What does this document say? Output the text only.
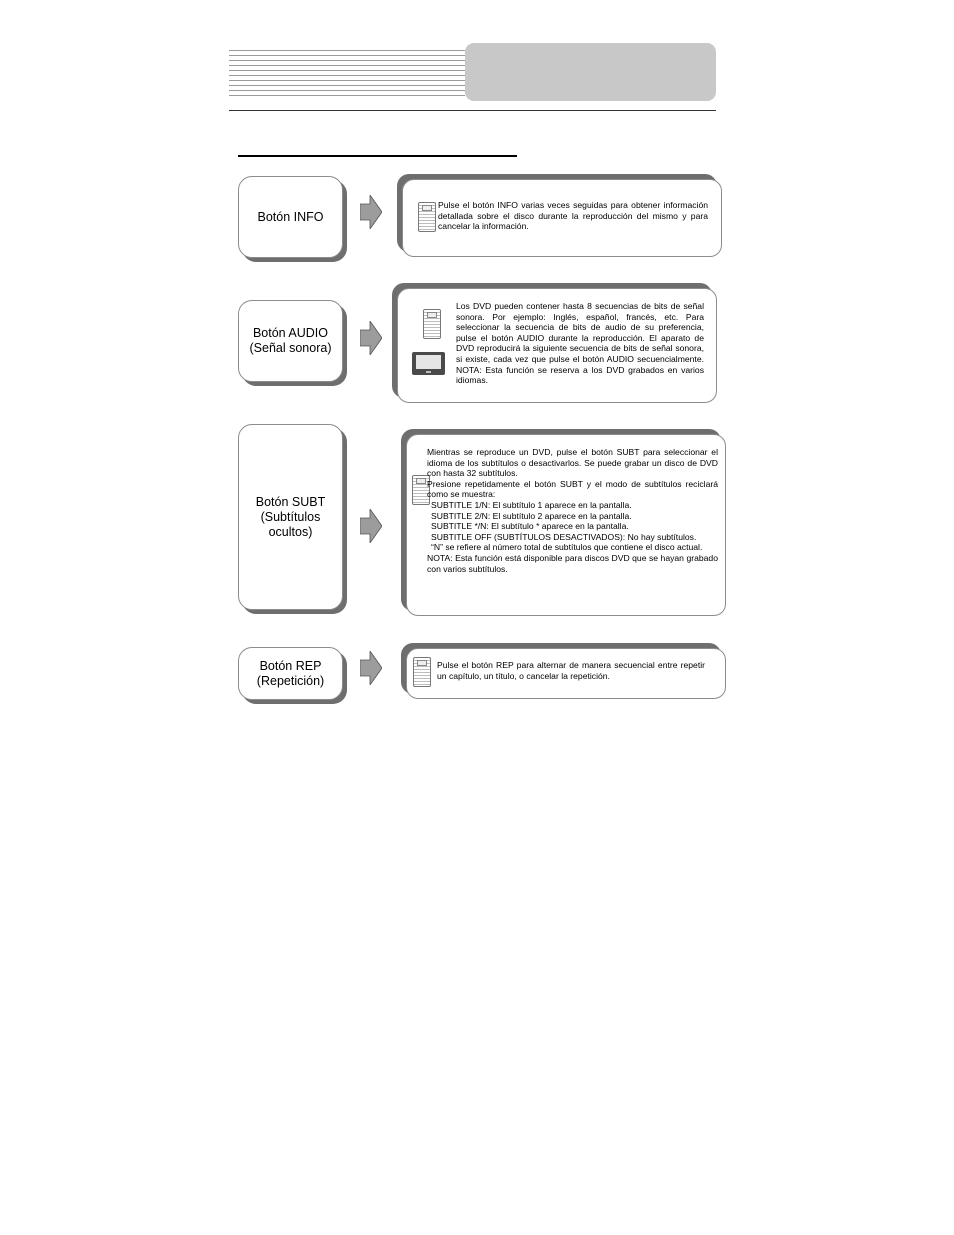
Botón INFO

Pulse el botón INFO varias veces seguidas para obtener información detallada sobre el disco durante la reproducción del mismo y para cancelar la información.

Botón AUDIO
(Señal sonora)

Los DVD pueden contener hasta 8 secuencias de bits de señal sonora. Por ejemplo: Inglés, español, francés, etc. Para seleccionar la secuencia de bits de audio de su preferencia, pulse el botón AUDIO durante la reproducción. El aparato de DVD reproducirá la siguiente secuencia de bits de señal sonora, si existe, cada vez que pulse el botón AUDIO secuencialmente. NOTA: Esta función se reserva a los DVD grabados en varios idiomas.

Botón SUBT
(Subtítulos
ocultos)

Mientras se reproduce un DVD, pulse el botón SUBT para seleccionar el idioma de los subtítulos o desactivarlos. Se puede grabar un disco de DVD con hasta 32 subtítulos.

Presione repetidamente el botón SUBT y el modo de subtítulos reciclará como se muestra:

SUBTITLE 1/N: El subtítulo 1 aparece en la pantalla.

SUBTITLE 2/N: El subtítulo 2 aparece en la pantalla.

SUBTITLE */N: El subtítulo * aparece en la pantalla.

SUBTITLE OFF (SUBTÍTULOS DESACTIVADOS): No hay subtítulos.

“N” se refiere al número total de subtítulos que contiene el disco actual.

NOTA: Esta función está disponible para discos DVD que se hayan grabado con varios subtítulos.

Botón REP
(Repetición)

Pulse el botón REP para alternar de manera secuencial entre repetir un capítulo, un título, o cancelar la repetición.
